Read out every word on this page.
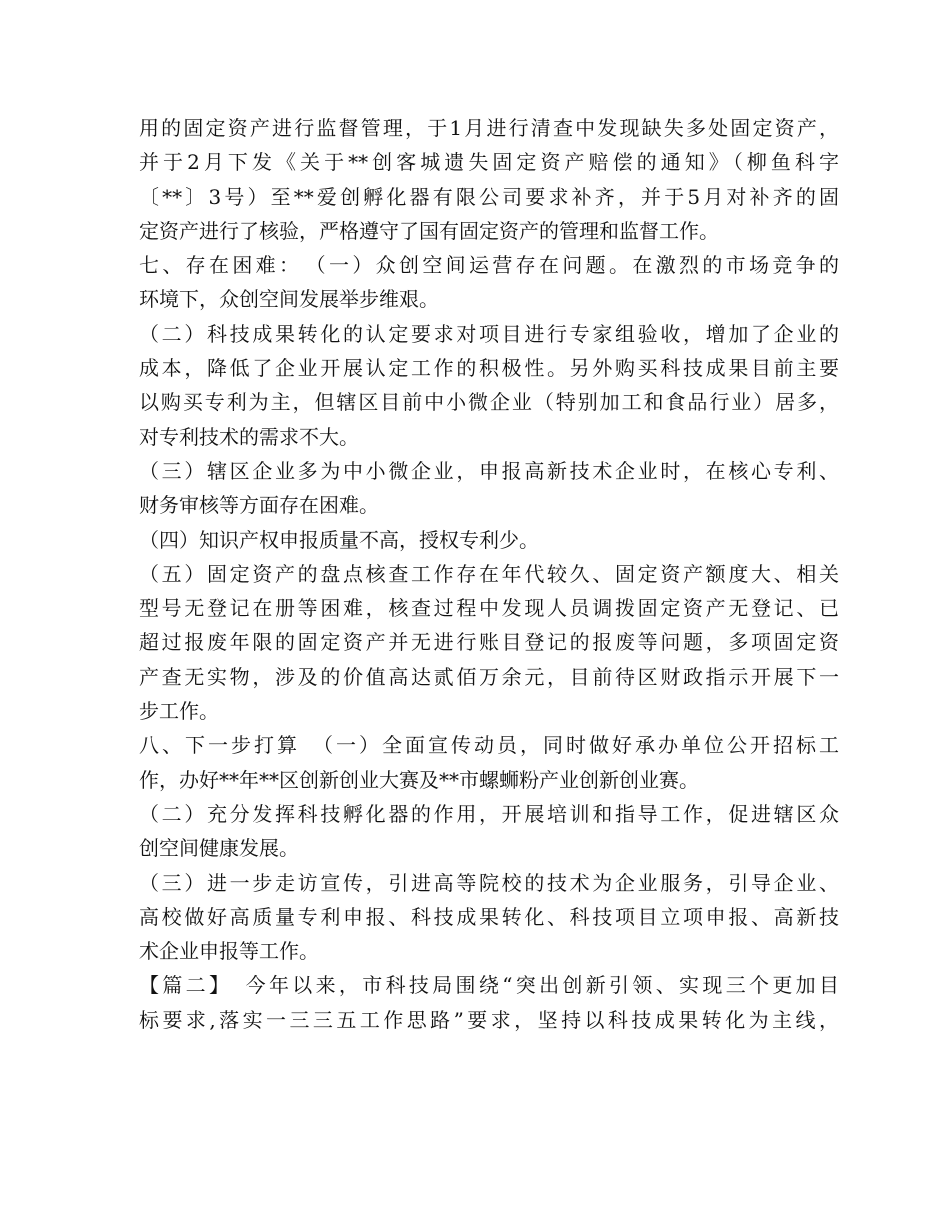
用的固定资产进行监督管理，于1月进行清查中发现缺失多处固定资产，
并于2月下发《关于**创客城遗失固定资产赔偿的通知》（柳鱼科字
〔**〕3号）至**爱创孵化器有限公司要求补齐，并于5月对补齐的固
定资产进行了核验，严格遵守了国有固定资产的管理和监督工作。
七、存在困难：　（一）众创空间运营存在问题。在激烈的市场竞争的
环境下，众创空间发展举步维艰。
（二）科技成果转化的认定要求对项目进行专家组验收，增加了企业的
成本，降低了企业开展认定工作的积极性。另外购买科技成果目前主要
以购买专利为主，但辖区目前中小微企业（特别加工和食品行业）居多，
对专利技术的需求不大。
（三）辖区企业多为中小微企业，申报高新技术企业时，在核心专利、
财务审核等方面存在困难。
（四）知识产权申报质量不高，授权专利少。
（五）固定资产的盘点核查工作存在年代较久、固定资产额度大、相关
型号无登记在册等困难，核查过程中发现人员调拨固定资产无登记、已
超过报废年限的固定资产并无进行账目登记的报废等问题，多项固定资
产查无实物，涉及的价值高达贰佰万余元，目前待区财政指示开展下一
步工作。
八、下一步打算　（一）全面宣传动员，同时做好承办单位公开招标工
作，办好**年**区创新创业大赛及**市螺蛳粉产业创新创业赛。
（二）充分发挥科技孵化器的作用，开展培训和指导工作，促进辖区众
创空间健康发展。
（三）进一步走访宣传，引进高等院校的技术为企业服务，引导企业、
高校做好高质量专利申报、科技成果转化、科技项目立项申报、高新技
术企业申报等工作。
【篇二】　今年以来，市科技局围绕“突出创新引领、实现三个更加目
标要求,落实一三三五工作思路”要求，坚持以科技成果转化为主线，
